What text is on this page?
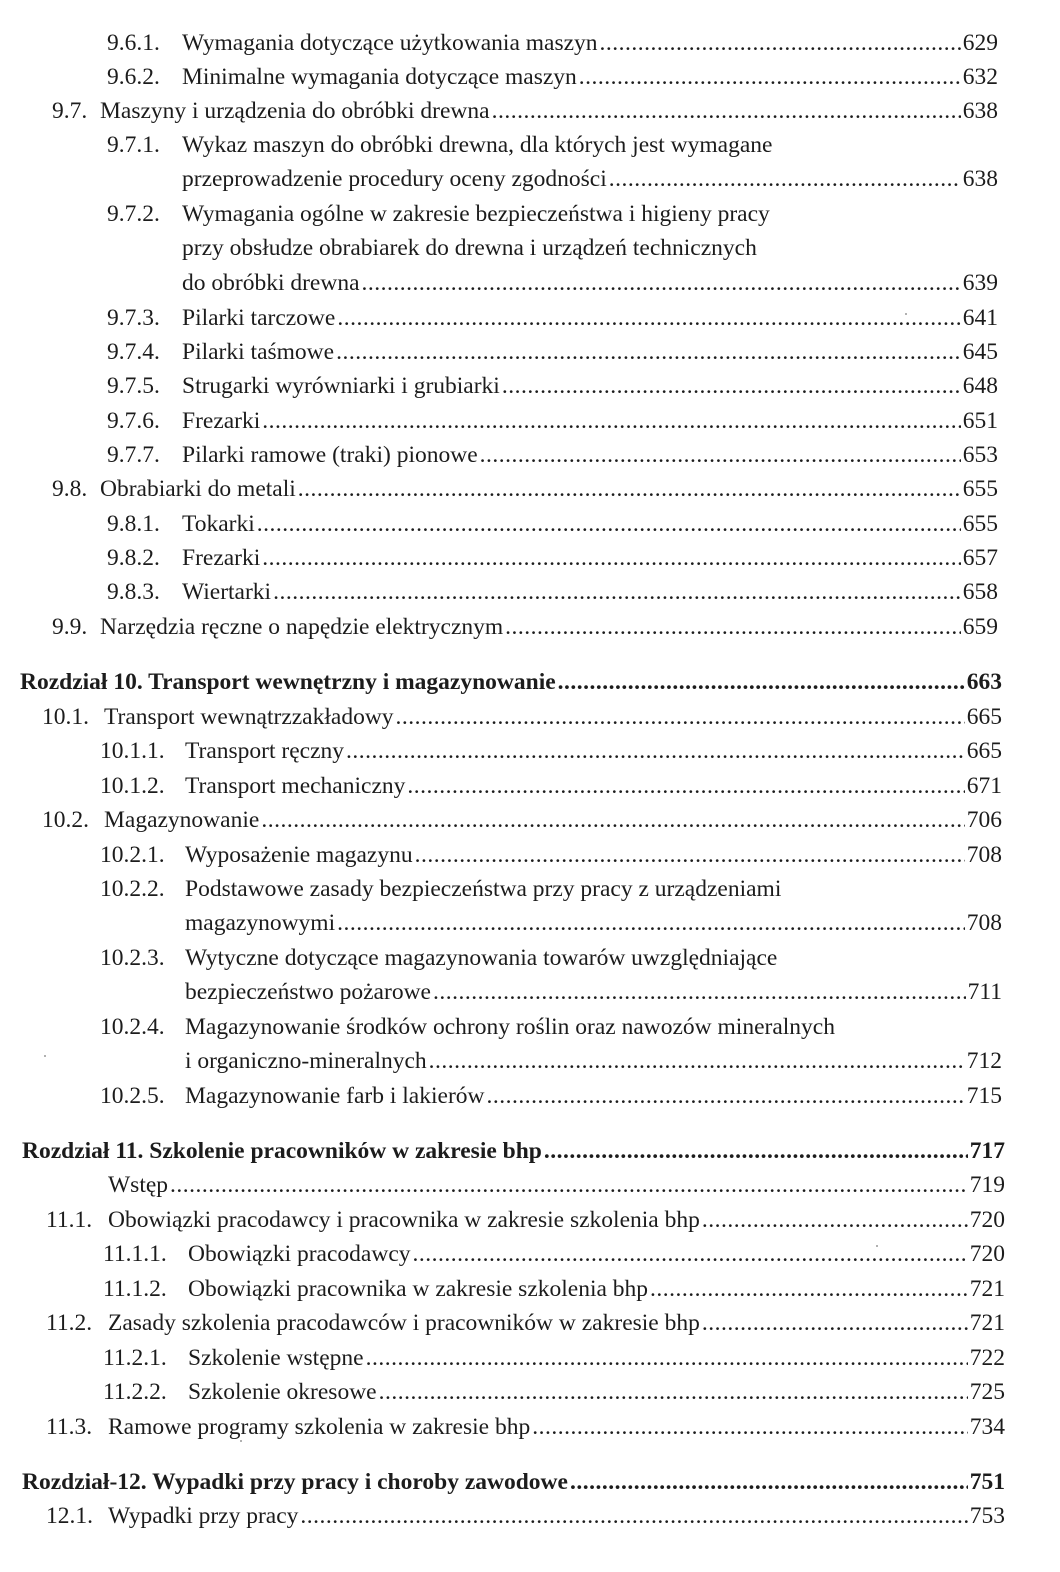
9.6.1. Wymagania dotyczące użytkowania maszyn .....	629
9.6.2. Minimalne wymagania dotyczące maszyn .....	632
9.7. Maszyny i urządzenia do obróbki drewna .....	638
9.7.1. Wykaz maszyn do obróbki drewna, dla których jest wymagane
przeprowadzenie procedury oceny zgodności .....	638
9.7.2. Wymagania ogólne w zakresie bezpieczeństwa i higieny pracy
przy obsłudze obrabiarek do drewna i urządzeń technicznych
do obróbki drewna .....	639
9.7.3. Pilarki tarczowe .....	641
9.7.4. Pilarki taśmowe .....	645
9.7.5. Strugarki wyrówniarki i grubiarki .....	648
9.7.6. Frezarki .....	651
9.7.7. Pilarki ramowe (traki) pionowe .....	653
9.8. Obrabiarki do metali .....	655
9.8.1. Tokarki .....	655
9.8.2. Frezarki .....	657
9.8.3. Wiertarki .....	658
9.9. Narzędzia ręczne o napędzie elektrycznym .....	659
Rozdział 10. Transport wewnętrzny i magazynowanie .....	663
10.1. Transport wewnątrzzakładowy .....	665
10.1.1. Transport ręczny .....	665
10.1.2. Transport mechaniczny .....	671
10.2. Magazynowanie .....	706
10.2.1. Wyposażenie magazynu .....	708
10.2.2. Podstawowe zasady bezpieczeństwa przy pracy z urządzeniami
magazynowymi .....	708
10.2.3. Wytyczne dotyczące magazynowania towarów uwzględniające
bezpieczeństwo pożarowe .....	711
10.2.4. Magazynowanie środków ochrony roślin oraz nawozów mineralnych
i organiczno-mineralnych .....	712
10.2.5. Magazynowanie farb i lakierów .....	715
Rozdział 11. Szkolenie pracowników w zakresie bhp .....	717
Wstęp .....	719
11.1. Obowiązki pracodawcy i pracownika w zakresie szkolenia bhp .....	720
11.1.1. Obowiązki pracodawcy .....	720
11.1.2. Obowiązki pracownika w zakresie szkolenia bhp .....	721
11.2. Zasady szkolenia pracodawców i pracowników w zakresie bhp .....	721
11.2.1. Szkolenie wstępne .....	722
11.2.2. Szkolenie okresowe .....	725
11.3. Ramowe programy szkolenia w zakresie bhp .....	734
Rozdział-12. Wypadki przy pracy i choroby zawodowe .....	751
12.1. Wypadki przy pracy .....	753
